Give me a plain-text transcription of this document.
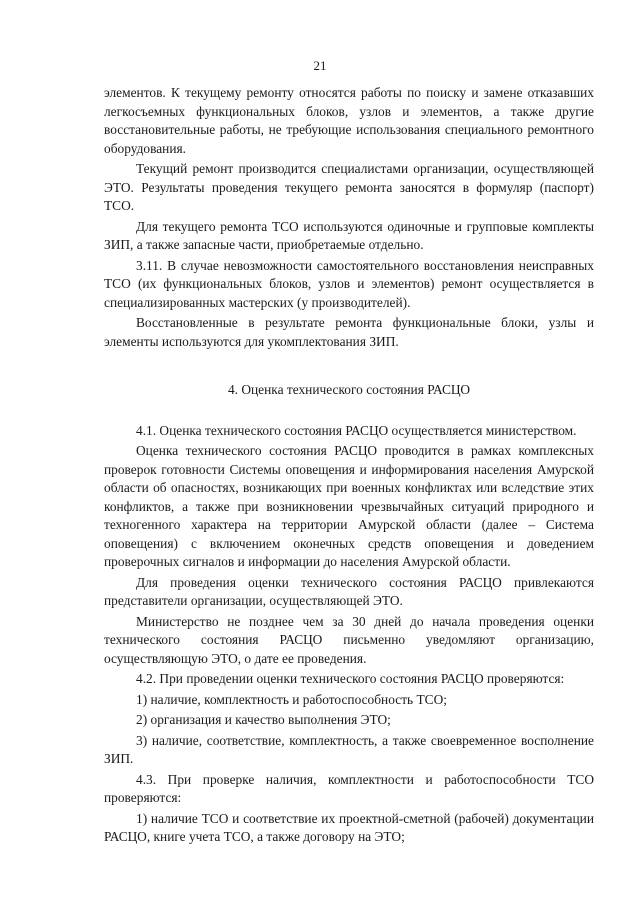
21

элементов. К текущему ремонту относятся работы по поиску и замене отказавших легкосъемных функциональных блоков, узлов и элементов, а также другие восстановительные работы, не требующие использования специального ремонтного оборудования.

Текущий ремонт производится специалистами организации, осуществляющей ЭТО. Результаты проведения текущего ремонта заносятся в формуляр (паспорт) ТСО.

Для текущего ремонта ТСО используются одиночные и групповые комплекты ЗИП, а также запасные части, приобретаемые отдельно.

3.11. В случае невозможности самостоятельного восстановления неисправных ТСО (их функциональных блоков, узлов и элементов) ремонт осуществляется в специализированных мастерских (у производителей).

Восстановленные в результате ремонта функциональные блоки, узлы и элементы используются для укомплектования ЗИП.

4. Оценка технического состояния РАСЦО

4.1. Оценка технического состояния РАСЦО осуществляется министерством.

Оценка технического состояния РАСЦО проводится в рамках комплексных проверок готовности Системы оповещения и информирования населения Амурской области об опасностях, возникающих при военных конфликтах или вследствие этих конфликтов, а также при возникновении чрезвычайных ситуаций природного и техногенного характера на территории Амурской области (далее – Система оповещения) с включением оконечных средств оповещения и доведением проверочных сигналов и информации до населения Амурской области.

Для проведения оценки технического состояния РАСЦО привлекаются представители организации, осуществляющей ЭТО.

Министерство не позднее чем за 30 дней до начала проведения оценки технического состояния РАСЦО письменно уведомляют организацию, осуществляющую ЭТО, о дате ее проведения.

4.2. При проведении оценки технического состояния РАСЦО проверяются:

1) наличие, комплектность и работоспособность ТСО;

2) организация и качество выполнения ЭТО;

3) наличие, соответствие, комплектность, а также своевременное восполнение ЗИП.

4.3. При проверке наличия, комплектности и работоспособности ТСО проверяются:

1) наличие ТСО и соответствие их проектной-сметной (рабочей) документации РАСЦО, книге учета ТСО, а также договору на ЭТО;
